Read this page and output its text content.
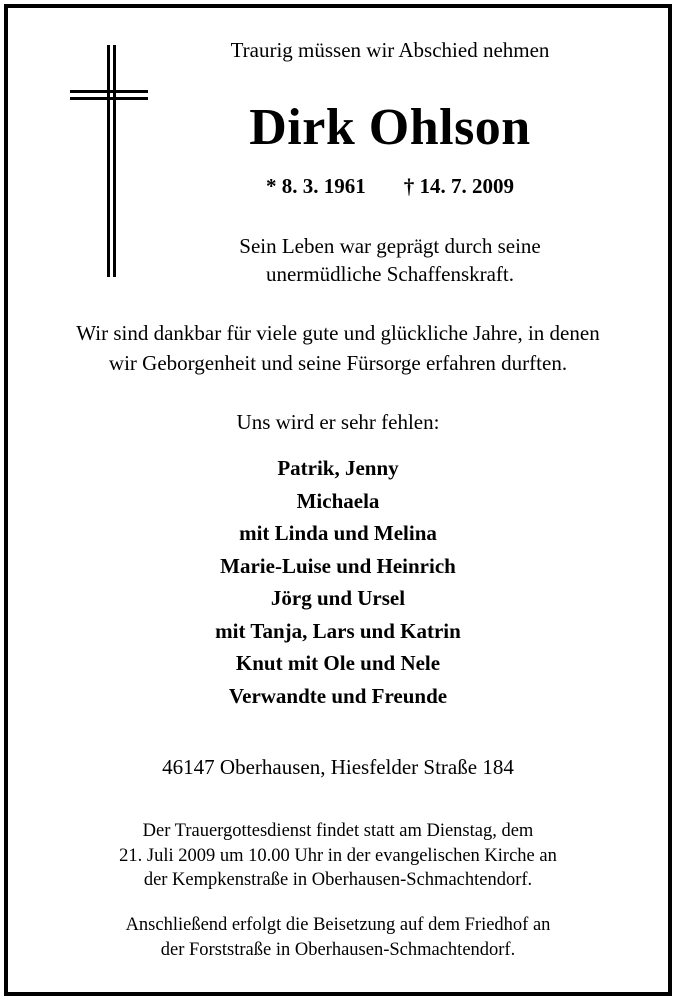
Traurig müssen wir Abschied nehmen
Dirk Ohlson
* 8. 3. 1961 † 14. 7. 2009
Sein Leben war geprägt durch seine
unermüdliche Schaffenskraft.
Wir sind dankbar für viele gute und glückliche Jahre, in denen
wir Geborgenheit und seine Fürsorge erfahren durften.
Uns wird er sehr fehlen:
Patrik, Jenny
Michaela
mit Linda und Melina
Marie-Luise und Heinrich
Jörg und Ursel
mit Tanja, Lars und Katrin
Knut mit Ole und Nele
Verwandte und Freunde
46147 Oberhausen, Hiesfelder Straße 184
Der Trauergottesdienst findet statt am Dienstag, dem
21. Juli 2009 um 10.00 Uhr in der evangelischen Kirche an
der Kempkenstraße in Oberhausen-Schmachtendorf.
Anschließend erfolgt die Beisetzung auf dem Friedhof an
der Forststraße in Oberhausen-Schmachtendorf.
